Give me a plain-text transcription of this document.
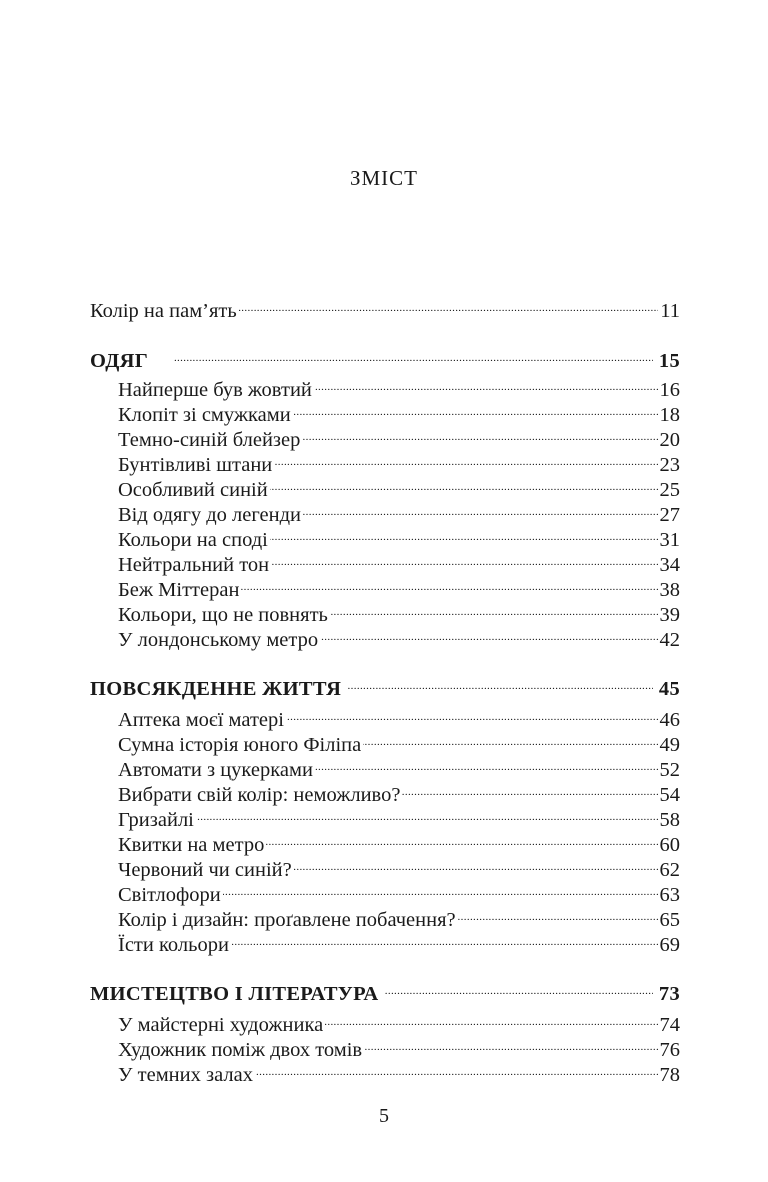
ЗМІСТ
Колір на пам’ять . . .	11
ОДЯГ . . .	15
Найперше був жовтий . . .	16
Клопіт зі смужками . . .	18
Темно-синій блейзер . . .	20
Бунтівливі штани . . .	23
Особливий синій . . .	25
Від одягу до легенди . . .	27
Кольори на споді . . .	31
Нейтральний тон . . .	34
Беж Міттеран . . .	38
Кольори, що не повнять . . .	39
У лондонському метро . . .	42
ПОВСЯКДЕННЕ ЖИТТЯ . . .	45
Аптека моєї матері . . .	46
Сумна історія юного Філіпа . . .	49
Автомати з цукерками . . .	52
Вибрати свій колір: неможливо? . . .	54
Гризайлі . . .	58
Квитки на метро . . .	60
Червоний чи синій? . . .	62
Світлофори . . .	63
Колір і дизайн: проґавлене побачення? . . .	65
Їсти кольори . . .	69
МИСТЕЦТВО І ЛІТЕРАТУРА . . .	73
У майстерні художника . . .	74
Художник поміж двох томів . . .	76
У темних залах . . .	78
5
